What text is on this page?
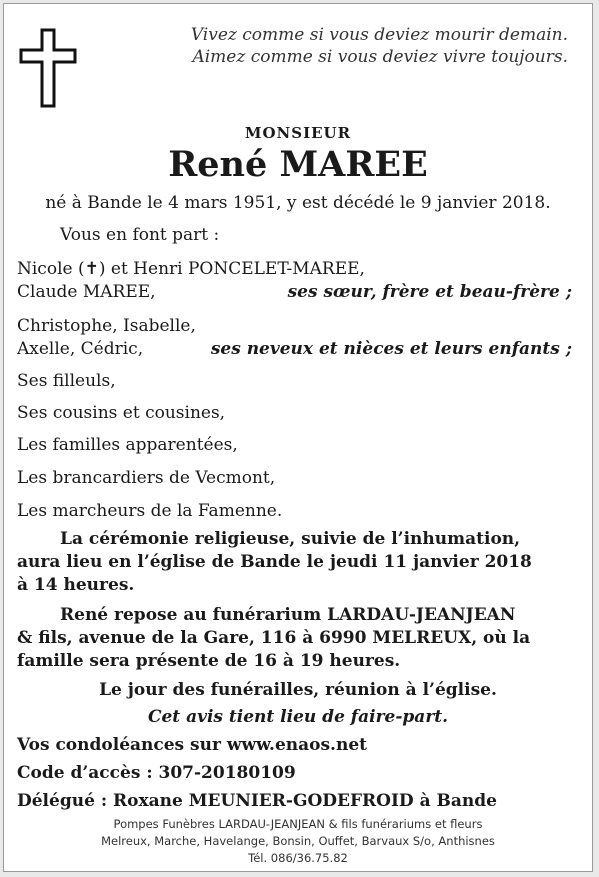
Vivez comme si vous deviez mourir demain.
Aimez comme si vous deviez vivre toujours.
MONSIEUR
René MAREE
né à Bande le 4 mars 1951, y est décédé le 9 janvier 2018.
Vous en font part :
Nicole (✝) et Henri PONCELET-MAREE,
Claude MAREE,	ses sœur, frère et beau-frère ;
Christophe, Isabelle,
Axelle, Cédric,	ses neveux et nièces et leurs enfants ;
Ses filleuls,
Ses cousins et cousines,
Les familles apparentées,
Les brancardiers de Vecmont,
Les marcheurs de la Famenne.
La cérémonie religieuse, suivie de l’inhumation,
aura lieu en l’église de Bande le jeudi 11 janvier 2018
à 14 heures.
René repose au funérarium LARDAU-JEANJEAN
& fils, avenue de la Gare, 116 à 6990 MELREUX, où la
famille sera présente de 16 à 19 heures.
Le jour des funérailles, réunion à l’église.
Cet avis tient lieu de faire-part.
Vos condoléances sur www.enaos.net
Code d’accès : 307-20180109
Délégué : Roxane MEUNIER-GODEFROID à Bande
Pompes Funèbres LARDAU-JEANJEAN & fils funérariums et fleurs
Melreux, Marche, Havelange, Bonsin, Ouffet, Barvaux S/o, Anthisnes
Tél. 086/36.75.82
